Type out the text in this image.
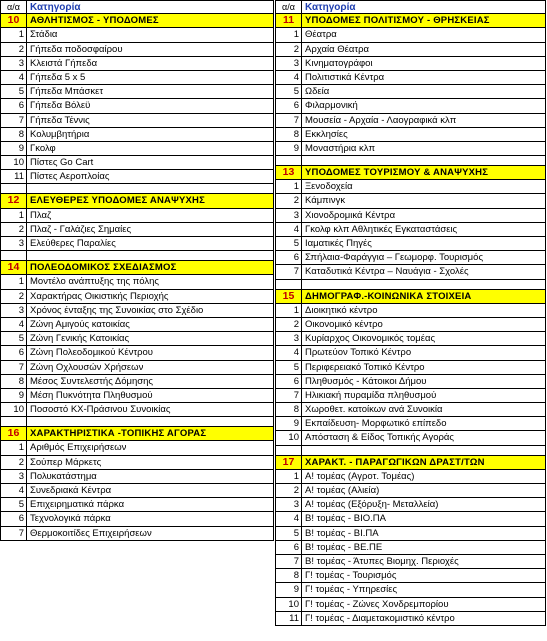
α/α	Κατηγορία
10	ΑΘΛΗΤΙΣΜΟΣ - ΥΠΟΔΟΜΕΣ
1 Στάδια
2 Γήπεδα ποδοσφαίρου
3 Κλειστά Γήπεδα
4 Γήπεδα 5 x 5
5 Γήπεδα Μπάσκετ
6 Γήπεδα Βόλεϋ
7 Γήπεδα Τέννις
8 Κολυμβητήρια
9 Γκολφ
10 Πίστες Go Cart
11 Πίστες Αερoπλοίας
12	ΕΛΕΥΘΕΡΕΣ ΥΠΟΔΟΜΕΣ ΑΝΑΨΥΧΗΣ
1 Πλαζ
2 Πλαζ - Γαλάζιες Σημαίες
3 Ελεύθερες Παραλίες
14	ΠΟΛΕΟΔΟΜΙΚΟΣ ΣΧΕΔΙΑΣΜΟΣ
1 Μοντέλο ανάπτυξης της πόλης
2 Χαρακτήρας Οικιστικής Περιοχής
3 Χρόνος ένταξης της Συνοικίας στο Σχέδιο
4 Ζώνη Αμιγούς κατοικίας
5 Ζώνη Γενικής Κατοικίας
6 Ζώνη Πολεοδομικού Κέντρου
7 Ζώνη Οχλουσών Χρήσεων
8 Μέσος Συντελεστής Δόμησης
9 Μέση Πυκνότητα Πληθυσμού
10 Ποσοστό ΚΧ-Πράσινου Συνοικίας
16	ΧΑΡΑΚΤΗΡΙΣΤΙΚΑ -ΤΟΠΙΚΗΣ ΑΓΟΡΑΣ
1 Αριθμός Επιχειρήσεων
2 Σούπερ Μάρκετς
3 Πολυκατάστημα
4 Συνεδριακά Κέντρα
5 Επιχειρηματικά πάρκα
6 Τεχνολογικά πάρκα
7 Θερμοκοιτίδες Επιχειρήσεων
α/α	Κατηγορία
11	ΥΠΟΔΟΜΕΣ ΠΟΛΙΤΙΣΜΟΥ - ΘΡΗΣΚΕΙΑΣ
1 Θέατρα
2 Αρχαία Θέατρα
3 Κινηματογράφοι
4 Πολιτιστικά Κέντρα
5 Ωδεία
6 Φιλαρμονική
7 Μουσεία - Αρχαία - Λαογραφικά κλπ
8 Εκκλησίες
9 Μοναστήρια κλπ
13	ΥΠΟΔΟΜΕΣ ΤΟΥΡΙΣΜΟΥ & ΑΝΑΨΥΧΗΣ
1 Ξενοδοχεία
2 Κάμπινγκ
3 Χιονοδρομικά Κέντρα
4 Γκολφ κλπ Αθλητικές Εγκαταστάσεις
5 Ιαματικές Πηγές
6 Σπήλαια-Φαράγγια – Γεωμορφ. Τουρισμός
7 Καταδυτικά Κέντρα – Ναυάγια - Σχολές
15	ΔΗΜΟΓΡΑΦ.-ΚΟΙΝΩΝΙΚΑ ΣΤΟΙΧΕΙΑ
1 Διοικητικό κέντρο
2 Οικονομικό κέντρο
3 Κυρίαρχος Οικονομικός τομέας
4 Πρωτεύον Τοπικό Κέντρο
5 Περιφερειακό Τοπικό Κέντρο
6 Πληθυσμός - Κάτοικοι Δήμου
7 Ηλικιακή πυραμίδα πληθυσμού
8 Χωροθετ. κατοίκων ανά Συνοικία
9 Εκπαίδευση- Μορφωτικό επίπεδο
10 Απόσταση & Είδος Τοπικής Αγοράς
17	ΧΑΡΑΚΤ. - ΠΑΡΑΓΩΓΙΚΩΝ ΔΡΑΣΤ/ΤΩΝ
1 Α! τομέας (Αγροτ. Τομέας)
2 Α! τομέας (Αλιεία)
3 Α! τομέας (Εξόρυξη- Μεταλλεία)
4 Β! τομέας - ΒΙΟ.ΠΑ
5 Β! τομέας - ΒΙ.ΠΑ
6 Β! τομέας - ΒΕ.ΠΕ
7 Β! τομέας - Άτυπες Βιομηχ. Περιοχές
8 Γ! τομέας - Τουρισμός
9 Γ! τομέας - Υπηρεσίες
10 Γ! τομέας - Ζώνες Χονδρεμπορίου
11 Γ! τομέας - Διαμετακομιστικό κέντρο
